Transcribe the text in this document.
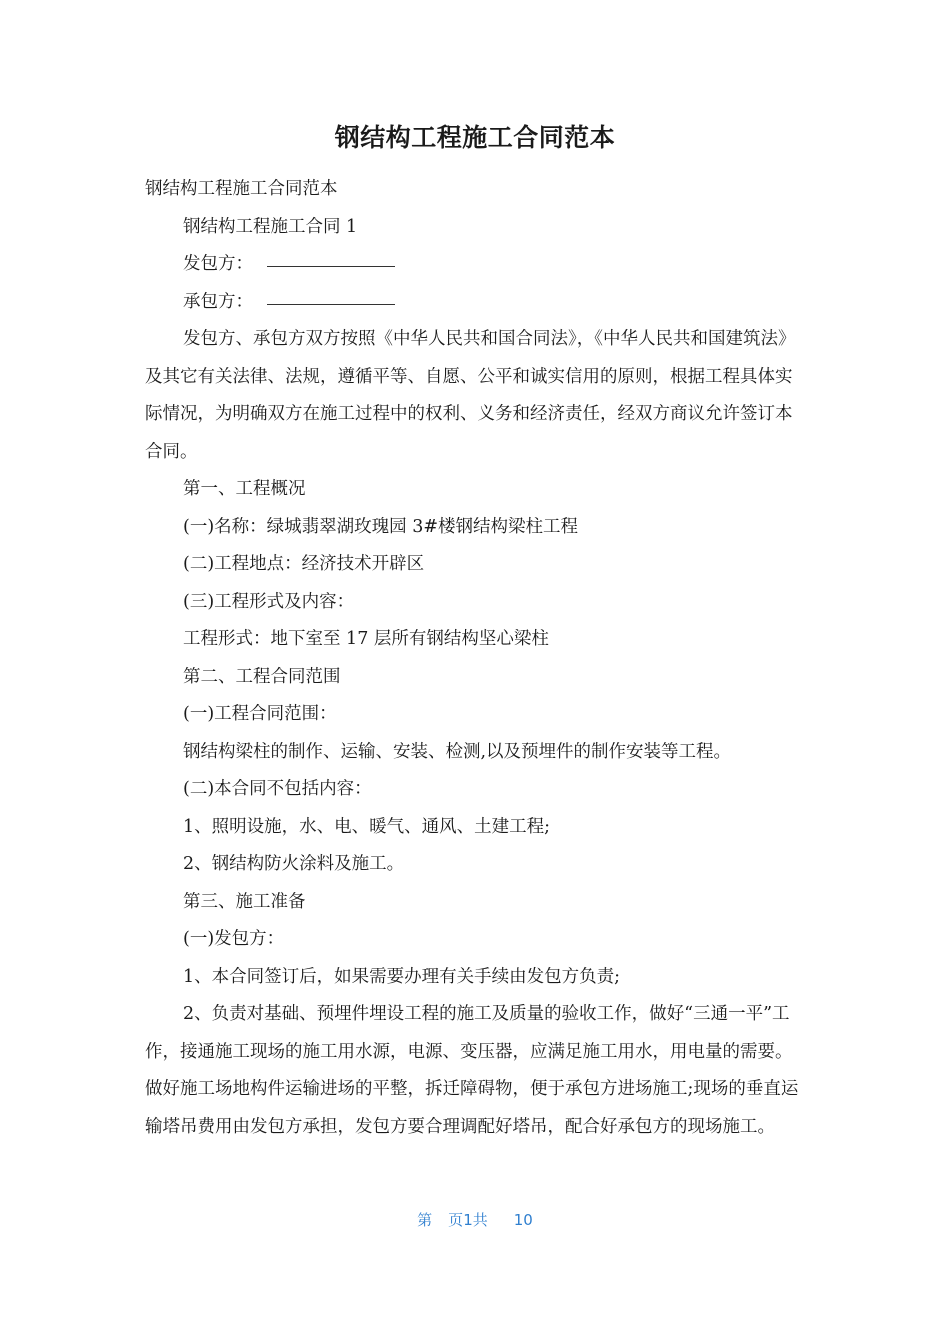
钢结构工程施工合同范本

钢结构工程施工合同范本

钢结构工程施工合同 1

发包方：

承包方：

发包方、承包方双方按照《中华人民共和国合同法》，《中华人民共和国建筑法》及其它有关法律、法规，遵循平等、自愿、公平和诚实信用的原则，根据工程具体实际情况，为明确双方在施工过程中的权利、义务和经济责任，经双方商议允许签订本合同。

第一、工程概况

(一)名称：绿城翡翠湖玫瑰园 3#楼钢结构梁柱工程

(二)工程地点：经济技术开辟区

(三)工程形式及内容：

工程形式：地下室至 17 层所有钢结构坚心梁柱

第二、工程合同范围

(一)工程合同范围：

钢结构梁柱的制作、运输、安装、检测,以及预埋件的制作安装等工程。

(二)本合同不包括内容：

1、照明设施，水、电、暖气、通风、土建工程;

2、钢结构防火涂料及施工。

第三、施工准备

(一)发包方：

1、本合同签订后，如果需要办理有关手续由发包方负责;

2、负责对基础、预埋件埋设工程的施工及质量的验收工作，做好“三通一平”工作，接通施工现场的施工用水源，电源、变压器，应满足施工用水，用电量的需要。做好施工场地构件运输进场的平整，拆迁障碍物，便于承包方进场施工;现场的垂直运输塔吊费用由发包方承担，发包方要合理调配好塔吊，配合好承包方的现场施工。

第 页1共 10
